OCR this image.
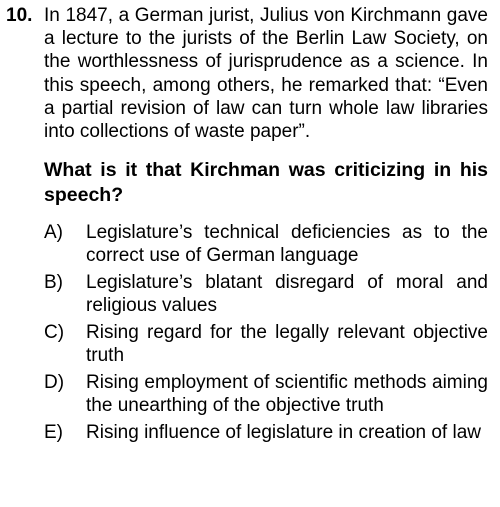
10. In 1847, a German jurist, Julius von Kirchmann gave a lecture to the jurists of the Berlin Law Society, on the worthlessness of jurisprudence as a science. In this speech, among others, he remarked that: “Even a partial revision of law can turn whole law libraries into collections of waste paper”.
What is it that Kirchman was criticizing in his speech?
A)	Legislature’s technical deficiencies as to the correct use of German language
B)	Legislature’s blatant disregard of moral and religious values
C)	Rising regard for the legally relevant objective truth
D)	Rising employment of scientific methods aiming the unearthing of the objective truth
E)	Rising influence of legislature in creation of law
